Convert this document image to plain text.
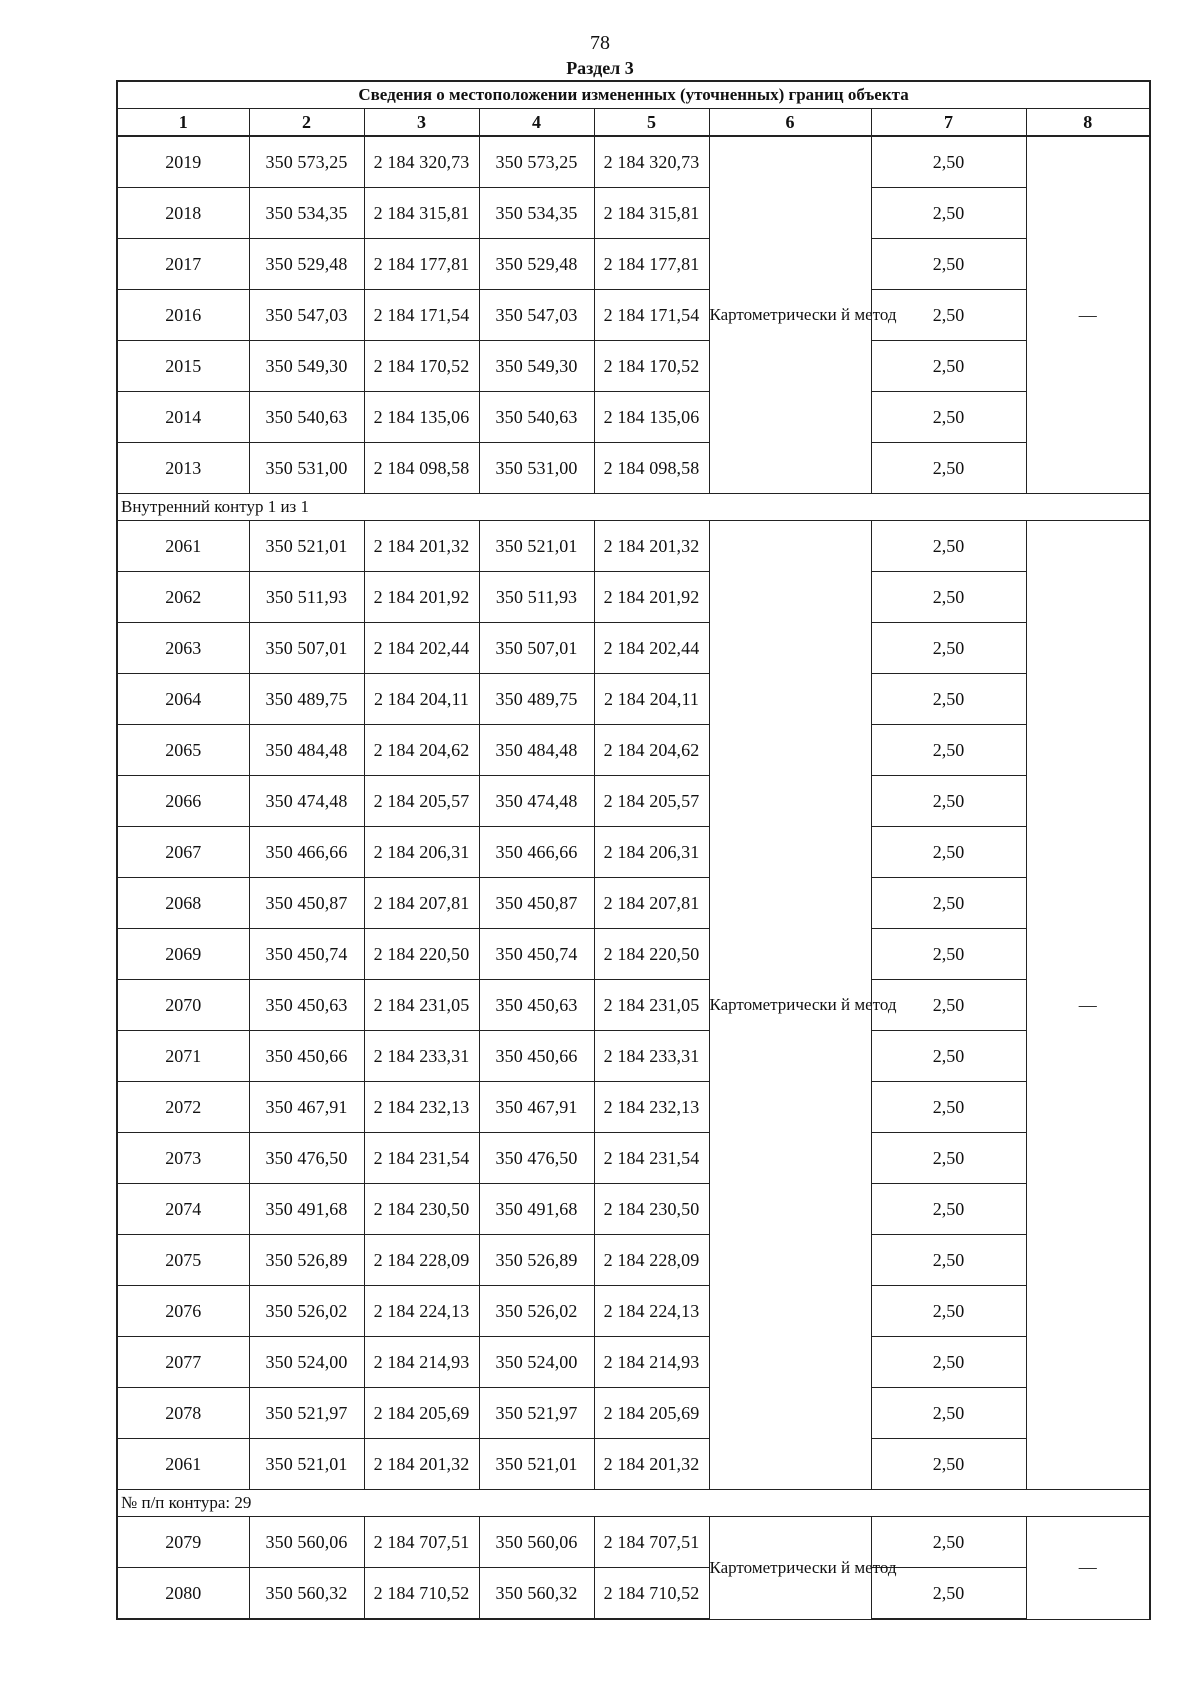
78
Раздел 3
Сведения о местоположении измененных (уточненных) границ объекта							
1	2	3	4	5	6	7	8
2019	350 573,25	2 184 320,73	350 573,25	2 184 320,73	Картометрически й метод	2,50	—
2018	350 534,35	2 184 315,81	350 534,35	2 184 315,81		2,50	
2017	350 529,48	2 184 177,81	350 529,48	2 184 177,81		2,50	
2016	350 547,03	2 184 171,54	350 547,03	2 184 171,54		2,50	
2015	350 549,30	2 184 170,52	350 549,30	2 184 170,52		2,50	
2014	350 540,63	2 184 135,06	350 540,63	2 184 135,06		2,50	
2013	350 531,00	2 184 098,58	350 531,00	2 184 098,58		2,50	
Внутренний контур 1 из 1							
2061	350 521,01	2 184 201,32	350 521,01	2 184 201,32	Картометрически й метод	2,50	—
2062	350 511,93	2 184 201,92	350 511,93	2 184 201,92		2,50	
2063	350 507,01	2 184 202,44	350 507,01	2 184 202,44		2,50	
2064	350 489,75	2 184 204,11	350 489,75	2 184 204,11		2,50	
2065	350 484,48	2 184 204,62	350 484,48	2 184 204,62		2,50	
2066	350 474,48	2 184 205,57	350 474,48	2 184 205,57		2,50	
2067	350 466,66	2 184 206,31	350 466,66	2 184 206,31		2,50	
2068	350 450,87	2 184 207,81	350 450,87	2 184 207,81		2,50	
2069	350 450,74	2 184 220,50	350 450,74	2 184 220,50		2,50	
2070	350 450,63	2 184 231,05	350 450,63	2 184 231,05		2,50	
2071	350 450,66	2 184 233,31	350 450,66	2 184 233,31		2,50	
2072	350 467,91	2 184 232,13	350 467,91	2 184 232,13		2,50	
2073	350 476,50	2 184 231,54	350 476,50	2 184 231,54		2,50	
2074	350 491,68	2 184 230,50	350 491,68	2 184 230,50		2,50	
2075	350 526,89	2 184 228,09	350 526,89	2 184 228,09		2,50	
2076	350 526,02	2 184 224,13	350 526,02	2 184 224,13		2,50	
2077	350 524,00	2 184 214,93	350 524,00	2 184 214,93		2,50	
2078	350 521,97	2 184 205,69	350 521,97	2 184 205,69		2,50	
2061	350 521,01	2 184 201,32	350 521,01	2 184 201,32		2,50	
№ п/п контура: 29							
2079	350 560,06	2 184 707,51	350 560,06	2 184 707,51	Картометрически й метод	2,50	—
2080	350 560,32	2 184 710,52	350 560,32	2 184 710,52		2,50	
